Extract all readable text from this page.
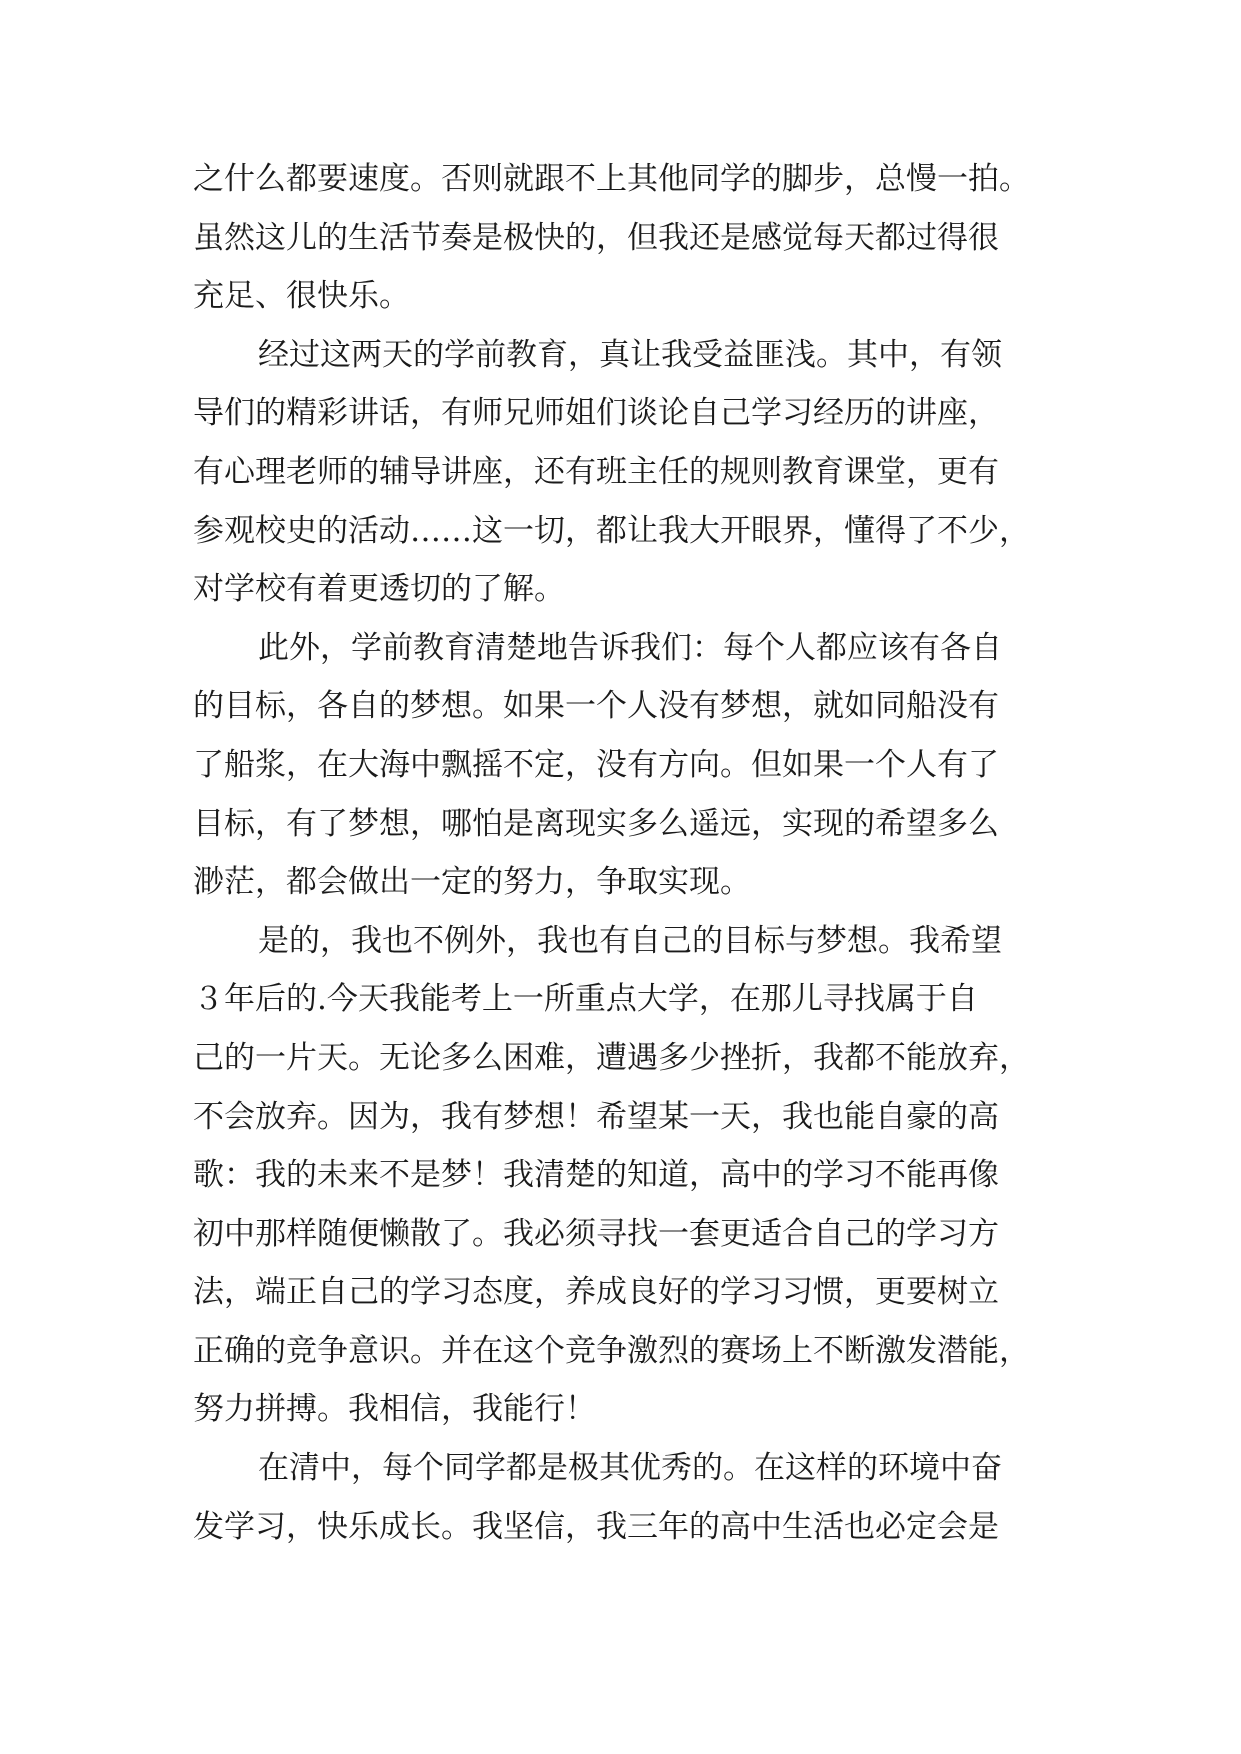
之什么都要速度。否则就跟不上其他同学的脚步，总慢一拍。
虽然这儿的生活节奏是极快的，但我还是感觉每天都过得很
充足、很快乐。
经过这两天的学前教育，真让我受益匪浅。其中，有领
导们的精彩讲话，有师兄师姐们谈论自己学习经历的讲座，
有心理老师的辅导讲座，还有班主任的规则教育课堂，更有
参观校史的活动……这一切，都让我大开眼界，懂得了不少，
对学校有着更透切的了解。
此外，学前教育清楚地告诉我们：每个人都应该有各自
的目标，各自的梦想。如果一个人没有梦想，就如同船没有
了船浆，在大海中飘摇不定，没有方向。但如果一个人有了
目标，有了梦想，哪怕是离现实多么遥远，实现的希望多么
渺茫，都会做出一定的努力，争取实现。
是的，我也不例外，我也有自己的目标与梦想。我希望
３年后的.今天我能考上一所重点大学，在那儿寻找属于自
己的一片天。无论多么困难，遭遇多少挫折，我都不能放弃，
不会放弃。因为，我有梦想！希望某一天，我也能自豪的高
歌：我的未来不是梦！我清楚的知道，高中的学习不能再像
初中那样随便懒散了。我必须寻找一套更适合自己的学习方
法，端正自己的学习态度，养成良好的学习习惯，更要树立
正确的竞争意识。并在这个竞争激烈的赛场上不断激发潜能，
努力拼搏。我相信，我能行！
在清中，每个同学都是极其优秀的。在这样的环境中奋
发学习，快乐成长。我坚信，我三年的高中生活也必定会是
